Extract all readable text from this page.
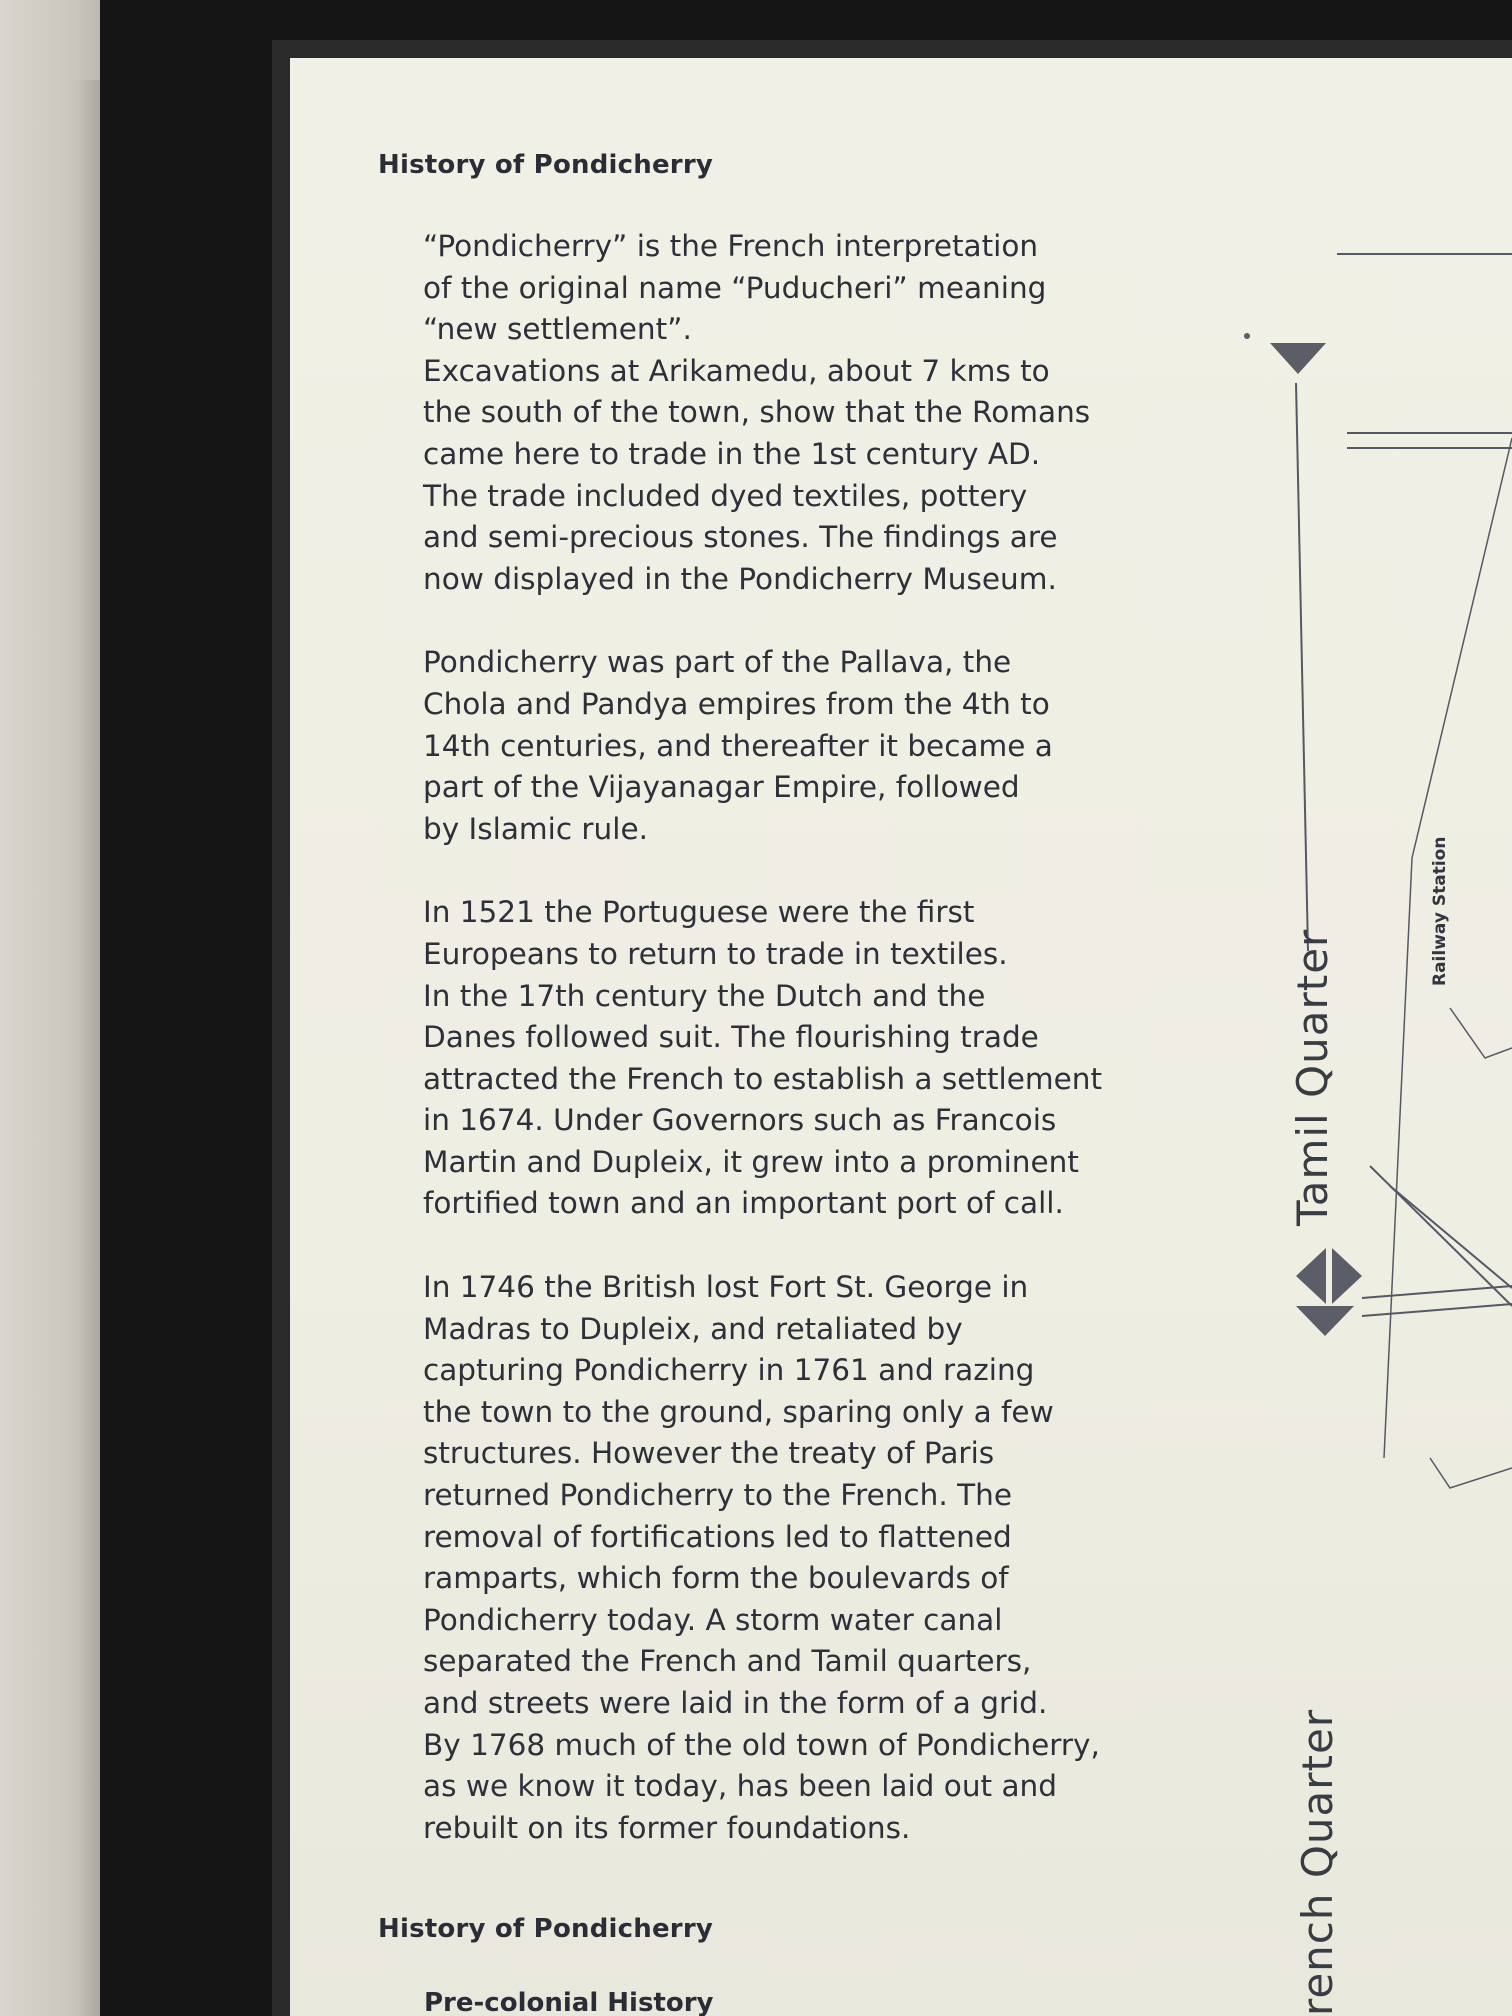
History of Pondicherry
“Pondicherry” is the French interpretation
of the original name “Puducheri” meaning
“new settlement”.
Excavations at Arikamedu, about 7 kms to
the south of the town, show that the Romans
came here to trade in the 1st century AD.
The trade included dyed textiles, pottery
and semi-precious stones. The findings are
now displayed in the Pondicherry Museum.
Pondicherry was part of the Pallava, the
Chola and Pandya empires from the 4th to
14th centuries, and thereafter it became a
part of the Vijayanagar Empire, followed
by Islamic rule.
In 1521 the Portuguese were the first
Europeans to return to trade in textiles.
In the 17th century the Dutch and the
Danes followed suit. The flourishing trade
attracted the French to establish a settlement
in 1674. Under Governors such as Francois
Martin and Dupleix, it grew into a prominent
fortified town and an important port of call.
In 1746 the British lost Fort St. George in
Madras to Dupleix, and retaliated by
capturing Pondicherry in 1761 and razing
the town to the ground, sparing only a few
structures. However the treaty of Paris
returned Pondicherry to the French. The
removal of fortifications led to flattened
ramparts, which form the boulevards of
Pondicherry today. A storm water canal
separated the French and Tamil quarters,
and streets were laid in the form of a grid.
By 1768 much of the old town of Pondicherry,
as we know it today, has been laid out and
rebuilt on its former foundations.
History of Pondicherry
Pre-colonial History
Tamil Quarter
rench Quarter
Railway Station
